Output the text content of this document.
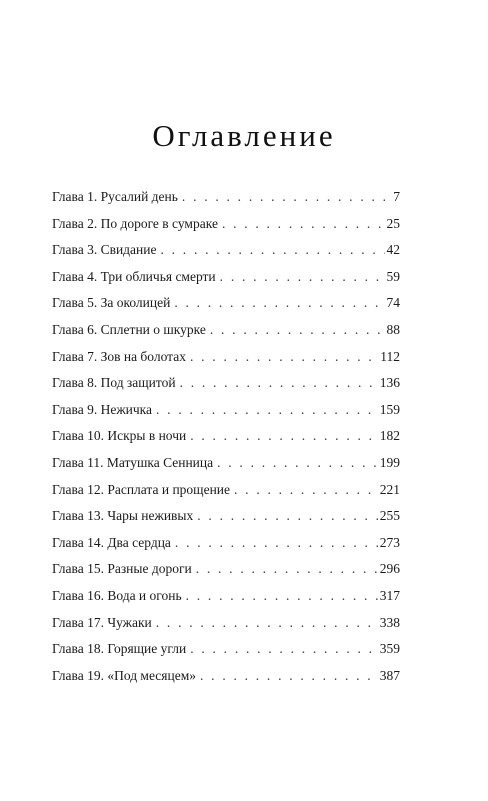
Оглавление
Глава 1. Русалий день . . .	7
Глава 2. По дороге в сумраке . . .	25
Глава 3. Свидание . . .	42
Глава 4. Три обличья смерти . . .	59
Глава 5. За околицей . . .	74
Глава 6. Сплетни о шкурке . . .	88
Глава 7. Зов на болотах . . .	112
Глава 8. Под защитой . . .	136
Глава 9. Нежичка . . .	159
Глава 10. Искры в ночи . . .	182
Глава 11. Матушка Сенница . . .	199
Глава 12. Расплата и прощение . . .	221
Глава 13. Чары неживых . . .	255
Глава 14. Два сердца . . .	273
Глава 15. Разные дороги . . .	296
Глава 16. Вода и огонь . . .	317
Глава 17. Чужаки . . .	338
Глава 18. Горящие угли . . .	359
Глава 19. «Под месяцем» . . .	387
